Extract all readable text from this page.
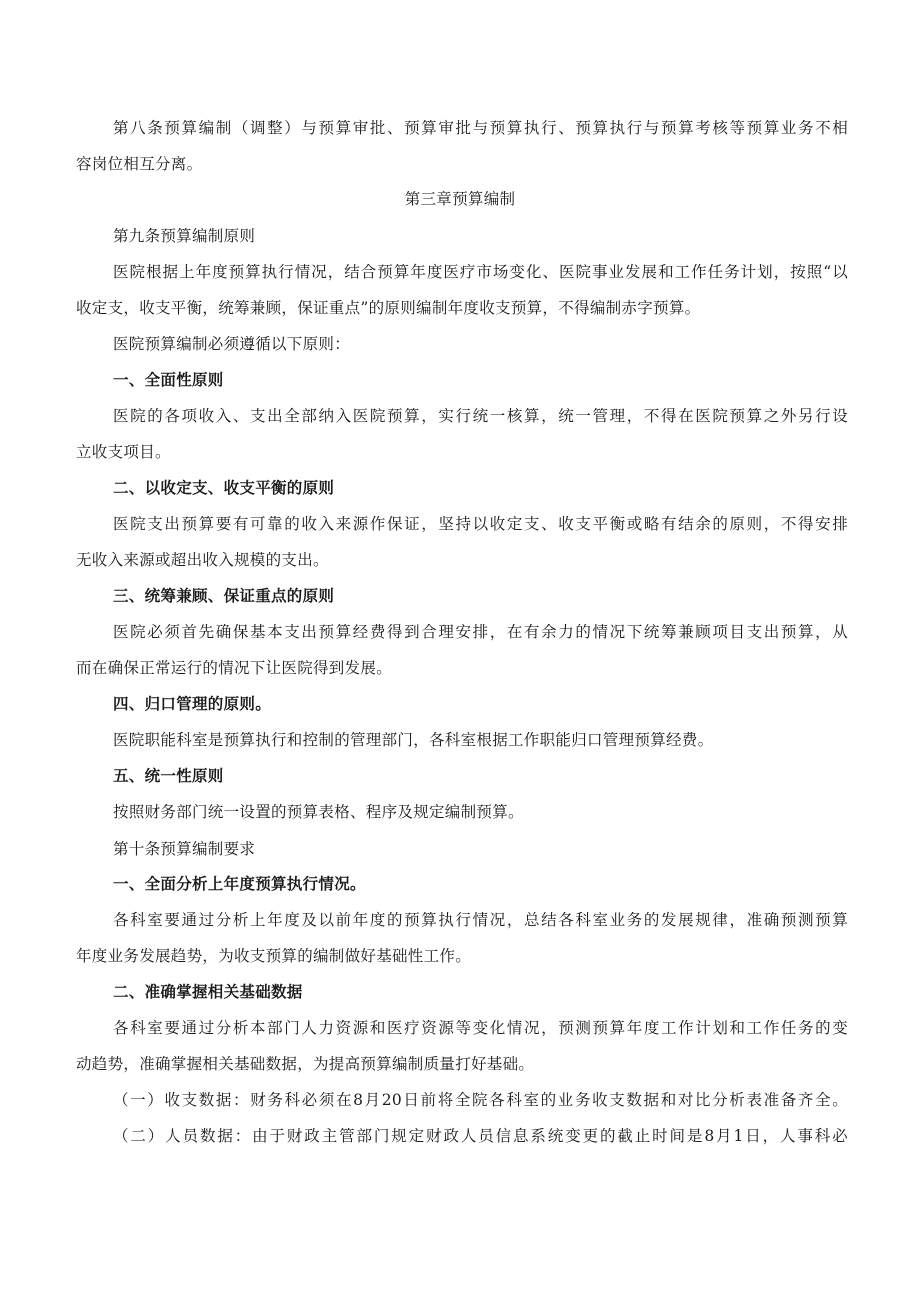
第八条预算编制（调整）与预算审批、预算审批与预算执行、预算执行与预算考核等预算业务不相
容岗位相互分离。
第三章预算编制
第九条预算编制原则
医院根据上年度预算执行情况，结合预算年度医疗市场变化、医院事业发展和工作任务计划，按照“以
收定支，收支平衡，统筹兼顾，保证重点”的原则编制年度收支预算，不得编制赤字预算。
医院预算编制必须遵循以下原则：
一、全面性原则
医院的各项收入、支出全部纳入医院预算，实行统一核算，统一管理，不得在医院预算之外另行设
立收支项目。
二、以收定支、收支平衡的原则
医院支出预算要有可靠的收入来源作保证，坚持以收定支、收支平衡或略有结余的原则，不得安排
无收入来源或超出收入规模的支出。
三、统筹兼顾、保证重点的原则
医院必须首先确保基本支出预算经费得到合理安排，在有余力的情况下统筹兼顾项目支出预算，从
而在确保正常运行的情况下让医院得到发展。
四、归口管理的原则。
医院职能科室是预算执行和控制的管理部门，各科室根据工作职能归口管理预算经费。
五、统一性原则
按照财务部门统一设置的预算表格、程序及规定编制预算。
第十条预算编制要求
一、全面分析上年度预算执行情况。
各科室要通过分析上年度及以前年度的预算执行情况，总结各科室业务的发展规律，准确预测预算
年度业务发展趋势，为收支预算的编制做好基础性工作。
二、准确掌握相关基础数据
各科室要通过分析本部门人力资源和医疗资源等变化情况，预测预算年度工作计划和工作任务的变
动趋势，准确掌握相关基础数据，为提高预算编制质量打好基础。
（一）收支数据：财务科必须在8月20日前将全院各科室的业务收支数据和对比分析表准备齐全。
（二）人员数据：由于财政主管部门规定财政人员信息系统变更的截止时间是8月1日，人事科必
